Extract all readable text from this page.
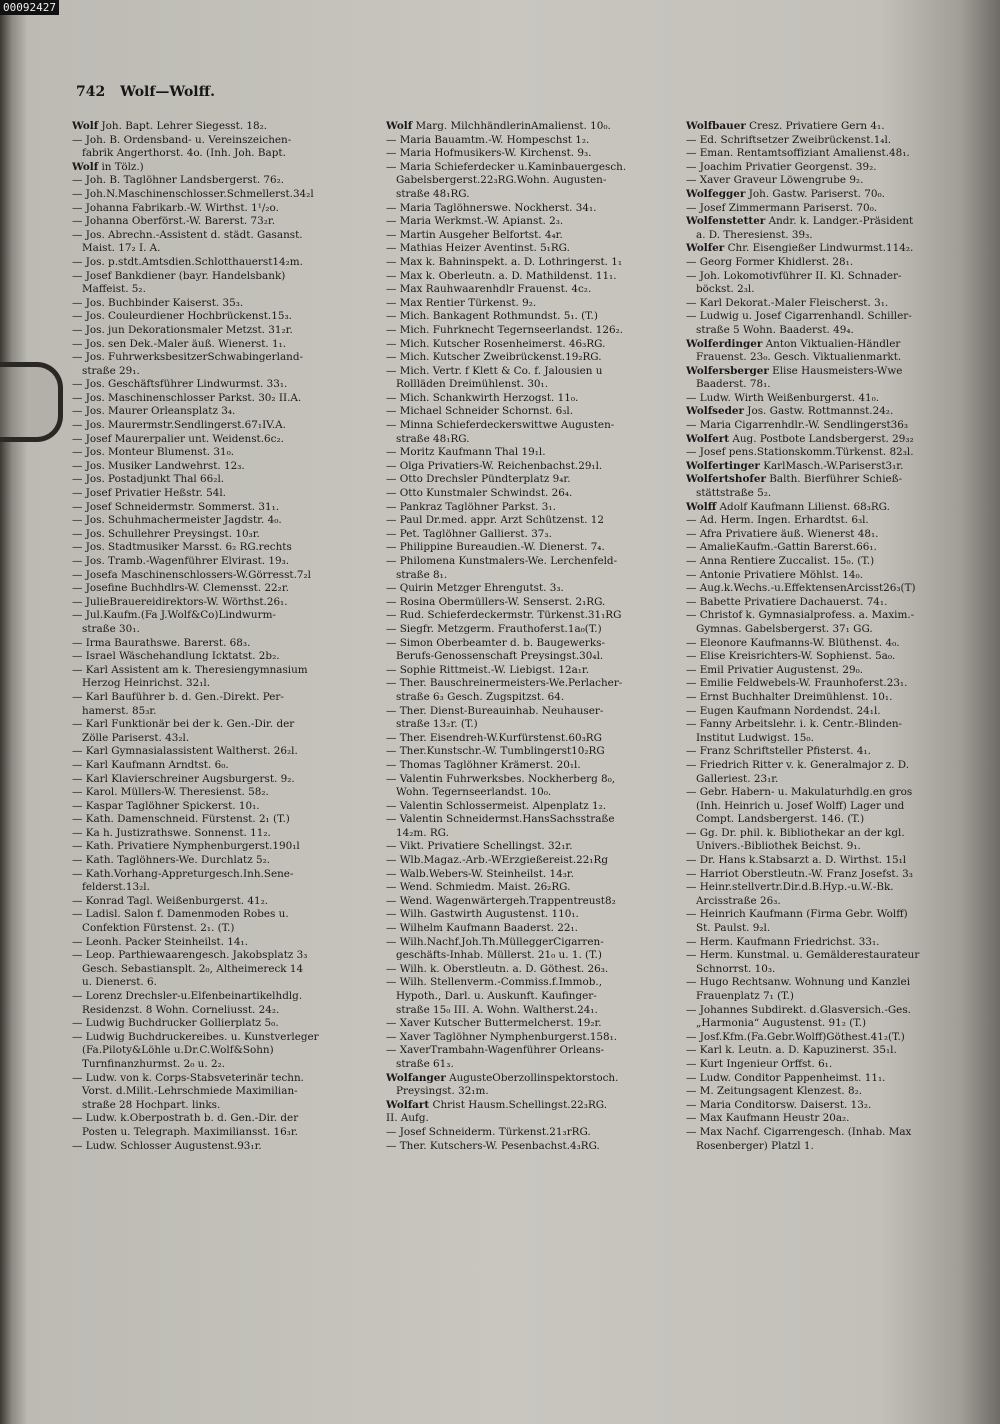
00092427
742 Wolf—Wolff.
Wolf Joh. Bapt. Lehrer Siegesst. 18₂.
— Joh. B. Ordensband- u. Vereinszeichen-
fabrik Angerthorst. 4o. (Inh. Joh. Bapt.
Wolf in Tölz.)
— Joh. B. Taglöhner Landsbergerst. 76₂.
— Joh.N.Maschinenschlosser.Schmellerst.34₂l
— Johanna Fabrikarb.-W. Wirthst. 1¹/₂o.
— Johanna Oberförst.-W. Barerst. 73₂r.
— Jos. Abrechn.-Assistent d. städt. Gasanst.
Maist. 17₂ I. A.
— Jos. p.stdt.Amtsdien.Schlotthauerst14₂m.
— Josef Bankdiener (bayr. Handelsbank)
Maffeist. 5₂.
— Jos. Buchbinder Kaiserst. 35₃.
— Jos. Couleurdiener Hochbrückenst.15₃.
— Jos. jun Dekorationsmaler Metzst. 31₂r.
— Jos. sen Dek.-Maler äuß. Wienerst. 1₁.
— Jos. FuhrwerksbesitzerSchwabingerland-
straße 29₁.
— Jos. Geschäftsführer Lindwurmst. 33₁.
— Jos. Maschinenschlosser Parkst. 30₂ II.A.
— Jos. Maurer Orleansplatz 3₄.
— Jos. Maurermstr.Sendlingerst.67₁IV.A.
— Josef Maurerpalier unt. Weidenst.6c₂.
— Jos. Monteur Blumenst. 31₀.
— Jos. Musiker Landwehrst. 12₃.
— Jos. Postadjunkt Thal 66₂l.
— Josef Privatier Heßstr. 54l.
— Josef Schneidermstr. Sommerst. 31₁.
— Jos. Schuhmachermeister Jagdstr. 4₀.
— Jos. Schullehrer Preysingst. 10₃r.
— Jos. Stadtmusiker Marsst. 6₂ RG.rechts
— Jos. Tramb.-Wagenführer Elvirast. 19₃.
— Josefa Maschinenschlossers-W.Görresst.7₂l
— Josefine Buchhdlrs-W. Clemensst. 22₂r.
— JulieBrauereidirektors-W. Wörthst.26₁.
— Jul.Kaufm.(Fa J.Wolf&Co)Lindwurm-
straße 30₁.
— Irma Baurathswe. Barerst. 68₃.
— Israel Wäschehandlung Icktatst. 2b₂.
— Karl Assistent am k. Theresiengymnasium
Herzog Heinrichst. 32₁l.
— Karl Bauführer b. d. Gen.-Direkt. Per-
hamerst. 85₃r.
— Karl Funktionär bei der k. Gen.-Dir. der
Zölle Pariserst. 43₂l.
— Karl Gymnasialassistent Waltherst. 26₂l.
— Karl Kaufmann Arndtst. 6₀.
— Karl Klavierschreiner Augsburgerst. 9₂.
— Karol. Müllers-W. Theresienst. 58₂.
— Kaspar Taglöhner Spickerst. 10₁.
— Kath. Damenschneid. Fürstenst. 2₁ (T.)
— Ka h. Justizrathswe. Sonnenst. 11₂.
— Kath. Privatiere Nymphenburgerst.190₁l
— Kath. Taglöhners-We. Durchlatz 5₂.
— Kath.Vorhang-Appreturgesch.Inh.Sene-
felderst.13₂l.
— Konrad Tagl. Weißenburgerst. 41₂.
— Ladisl. Salon f. Damenmoden Robes u.
Confektion Fürstenst. 2₁. (T.)
— Leonh. Packer Steinheilst. 14₁.
— Leop. Parthiewaarengesch. Jakobsplatz 3₃
Gesch. Sebastiansplt. 2₀, Altheimereck 14
u. Dienerst. 6.
— Lorenz Drechsler-u.Elfenbeinartikelhdlg.
Residenzst. 8 Wohn. Corneliusst. 24₂.
— Ludwig Buchdrucker Gollierplatz 5₀.
— Ludwig Buchdruckereibes. u. Kunstverleger
(Fa.Piloty&Löhle u.Dr.C.Wolf&Sohn)
Turnfinanzhurmst. 2₀ u. 2₂.
— Ludw. von k. Corps-Stabsveterinär techn.
Vorst. d.Milit.-Lehrschmiede Maximilian-
straße 28 Hochpart. links.
— Ludw. k.Oberpostrath b. d. Gen.-Dir. der
Posten u. Telegraph. Maximiliansst. 16₃r.
— Ludw. Schlosser Augustenst.93₁r.
Wolf Marg. MilchhändlerinAmalienst. 10₀.
— Maria Bauamtm.-W. Hompeschst 1₂.
— Maria Hofmusikers-W. Kirchenst. 9₃.
— Maria Schieferdecker u.Kaminbauergesch.
Gabelsbergerst.22₃RG.Wohn. Augusten-
straße 48₁RG.
— Maria Taglöhnerswe. Nockherst. 34₁.
— Maria Werkmst.-W. Apianst. 2₃.
— Martin Ausgeher Belfortst. 4₄r.
— Mathias Heizer Aventinst. 5₁RG.
— Max k. Bahninspekt. a. D. Lothringerst. 1₁
— Max k. Oberleutn. a. D. Mathildenst. 11₁.
— Max Rauhwaarenhdlr Frauenst. 4c₂.
— Max Rentier Türkenst. 9₂.
— Mich. Bankagent Rothmundst. 5₁. (T.)
— Mich. Fuhrknecht Tegernseerlandst. 126₂.
— Mich. Kutscher Rosenheimerst. 46₃RG.
— Mich. Kutscher Zweibrückenst.19₂RG.
— Mich. Vertr. f Klett & Co. f. Jalousien u
Rollläden Dreimühlenst. 30₁.
— Mich. Schankwirth Herzogst. 11₀.
— Michael Schneider Schornst. 6₃l.
— Minna Schieferdeckerswittwe Augusten-
straße 48₁RG.
— Moritz Kaufmann Thal 19₁l.
— Olga Privatiers-W. Reichenbachst.29₁l.
— Otto Drechsler Pündterplatz 9₄r.
— Otto Kunstmaler Schwindst. 26₄.
— Pankraz Taglöhner Parkst. 3₁.
— Paul Dr.med. appr. Arzt Schützenst. 12
— Pet. Taglöhner Gallierst. 37₃.
— Philippine Bureaudien.-W. Dienerst. 7₄.
— Philomena Kunstmalers-We. Lerchenfeld-
straße 8₁.
— Quirin Metzger Ehrengutst. 3₃.
— Rosina Obermüllers-W. Senserst. 2₁RG.
— Rud. Schieferdeckermstr. Türkenst.31₁RG
— Siegfr. Metzgerm. Frauthoferst.1a₀(T.)
— Simon Oberbeamter d. b. Baugewerks-
Berufs-Genossenschaft Preysingst.30₄l.
— Sophie Rittmeist.-W. Liebigst. 12a₁r.
— Ther. Bauschreinermeisters-We.Perlacher-
straße 6₃ Gesch. Zugspitzst. 64.
— Ther. Dienst-Bureauinhab. Neuhauser-
straße 13₂r. (T.)
— Ther. Eisendreh-W.Kurfürstenst.60₃RG
— Ther.Kunstschr.-W. Tumblingerst10₂RG
— Thomas Taglöhner Krämerst. 20₁l.
— Valentin Fuhrwerksbes. Nockherberg 8₀,
Wohn. Tegernseerlandst. 10₀.
— Valentin Schlossermeist. Alpenplatz 1₂.
— Valentin Schneidermst.HansSachsstraße
14₂m. RG.
— Vikt. Privatiere Schellingst. 32₁r.
— Wlb.Magaz.-Arb.-WErzgießereist.22₁Rg
— Walb.Webers-W. Steinheilst. 14₃r.
— Wend. Schmiedm. Maist. 26₂RG.
— Wend. Wagenwärtergeh.Trappentreust8₂
— Wilh. Gastwirth Augustenst. 110₁.
— Wilhelm Kaufmann Baaderst. 22₁.
— Wilh.Nachf.Joh.Th.MülleggerCigarren-
geschäfts-Inhab. Müllerst. 21₀ u. 1. (T.)
— Wilh. k. Oberstleutn. a. D. Göthest. 26₃.
— Wilh. Stellenverm.-Commiss.f.Immob.,
Hypoth., Darl. u. Auskunft. Kaufinger-
straße 15₀ III. A. Wohn. Waltherst.24₁.
— Xaver Kutscher Buttermelcherst. 19₂r.
— Xaver Taglöhner Nymphenburgerst.158₁.
— XaverTrambahn-Wagenführer Orleans-
straße 61₃.
Wolfanger AugusteOberzollinspektorstoch.
Preysingst. 32₁m.
Wolfart Christ Hausm.Schellingst.22₃RG.
II. Aufg.
— Josef Schneiderm. Türkenst.21₃rRG.
— Ther. Kutschers-W. Pesenbachst.4₃RG.
Wolfbauer Cresz. Privatiere Gern 4₁.
— Ed. Schriftsetzer Zweibrückenst.1₄l.
— Eman. Rentamtsoffiziant Amalienst.48₁.
— Joachim Privatier Georgenst. 39₂.
— Xaver Graveur Löwengrube 9₂.
Wolfegger Joh. Gastw. Pariserst. 70₀.
— Josef Zimmermann Pariserst. 70₀.
Wolfenstetter Andr. k. Landger.-Präsident
a. D. Theresienst. 39₃.
Wolfer Chr. Eisengießer Lindwurmst.114₂.
— Georg Former Khidlerst. 28₁.
— Joh. Lokomotivführer II. Kl. Schnader-
böckst. 2₃l.
— Karl Dekorat.-Maler Fleischerst. 3₁.
— Ludwig u. Josef Cigarrenhandl. Schiller-
straße 5 Wohn. Baaderst. 49₄.
Wolferdinger Anton Viktualien-Händler
Frauenst. 23₀. Gesch. Viktualienmarkt.
Wolfersberger Elise Hausmeisters-Wwe
Baaderst. 78₁.
— Ludw. Wirth Weißenburgerst. 41₀.
Wolfseder Jos. Gastw. Rottmannst.24₂.
— Maria Cigarrenhdlr.-W. Sendlingerst36₃
Wolfert Aug. Postbote Landsbergerst. 29₃₂
— Josef pens.Stationskomm.Türkenst. 82₃l.
Wolfertinger KarlMasch.-W.Pariserst3₁r.
Wolfertshofer Balth. Bierführer Schieß-
stättstraße 5₂.
Wolff Adolf Kaufmann Lilienst. 68₃RG.
— Ad. Herm. Ingen. Erhardtst. 6₃l.
— Afra Privatiere äuß. Wienerst 48₁.
— AmalieKaufm.-Gattin Barerst.66₁.
— Anna Rentiere Zuccalist. 15₀. (T.)
— Antonie Privatiere Möhlst. 14₀.
— Aug.k.Wechs.-u.EffektensenArcisst26₃(T)
— Babette Privatiere Dachauerst. 74₁.
— Christof k. Gymnasialprofess. a. Maxim.-
Gymnas. Gabelsbergerst. 37₁ GG.
— Eleonore Kaufmanns-W. Blüthenst. 4₀.
— Elise Kreisrichters-W. Sophienst. 5a₀.
— Emil Privatier Augustenst. 29₀.
— Emilie Feldwebels-W. Fraunhoferst.23₁.
— Ernst Buchhalter Dreimühlenst. 10₁.
— Eugen Kaufmann Nordendst. 24₁l.
— Fanny Arbeitslehr. i. k. Centr.-Blinden-
Institut Ludwigst. 15₀.
— Franz Schriftsteller Pfisterst. 4₁.
— Friedrich Ritter v. k. Generalmajor z. D.
Galleriest. 23₁r.
— Gebr. Habern- u. Makulaturhdlg.en gros
(Inh. Heinrich u. Josef Wolff) Lager und
Compt. Landsbergerst. 146. (T.)
— Gg. Dr. phil. k. Bibliothekar an der kgl.
Univers.-Bibliothek Beichst. 9₁.
— Dr. Hans k.Stabsarzt a. D. Wirthst. 15₁l
— Harriot Oberstleutn.-W. Franz Josefst. 3₃
— Heinr.stellvertr.Dir.d.B.Hyp.-u.W.-Bk.
Arcisstraße 26₃.
— Heinrich Kaufmann (Firma Gebr. Wolff)
St. Paulst. 9₂l.
— Herm. Kaufmann Friedrichst. 33₁.
— Herm. Kunstmal. u. Gemälderestaurateur
Schnorrst. 10₃.
— Hugo Rechtsanw. Wohnung und Kanzlei
Frauenplatz 7₁ (T.)
— Johannes Subdirekt. d.Glasversich.-Ges.
„Harmonia“ Augustenst. 91₂ (T.)
— Josf.Kfm.(Fa.Gebr.Wolff)Göthest.41₂(T.)
— Karl k. Leutn. a. D. Kapuzinerst. 35₁l.
— Kurt Ingenieur Orffst. 6₁.
— Ludw. Conditor Pappenheimst. 11₁.
— M. Zeitungsagent Klenzest. 8₂.
— Maria Conditorsw. Daiserst. 13₂.
— Max Kaufmann Heustr 20a₂.
— Max Nachf. Cigarrengesch. (Inhab. Max
Rosenberger) Platzl 1.
